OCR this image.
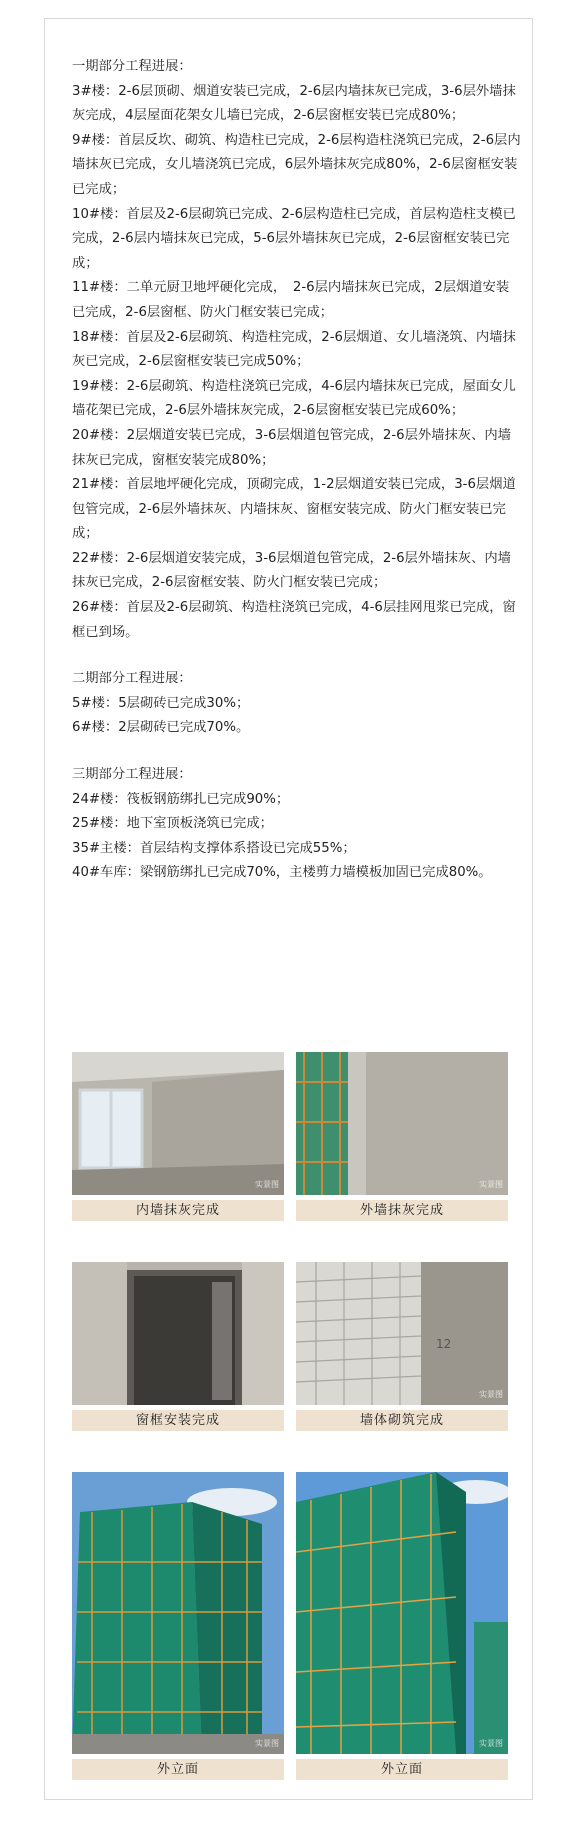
一期部分工程进展：

3#楼：2-6层顶砌、烟道安装已完成，2-6层内墙抹灰已完成，3-6层外墙抹灰完成，4层屋面花架女儿墙已完成，2-6层窗框安装已完成80%；

9#楼：首层反坎、砌筑、构造柱已完成，2-6层构造柱浇筑已完成，2-6层内墙抹灰已完成，女儿墙浇筑已完成，6层外墙抹灰完成80%，2-6层窗框安装已完成；

10#楼：首层及2-6层砌筑已完成、2-6层构造柱已完成，首层构造柱支模已完成，2-6层内墙抹灰已完成，5-6层外墙抹灰已完成，2-6层窗框安装已完成；

11#楼：二单元厨卫地坪硬化完成，　2-6层内墙抹灰已完成，2层烟道安装已完成，2-6层窗框、防火门框安装已完成；

18#楼：首层及2-6层砌筑、构造柱完成，2-6层烟道、女儿墙浇筑、内墙抹灰已完成，2-6层窗框安装已完成50%；

19#楼：2-6层砌筑、构造柱浇筑已完成，4-6层内墙抹灰已完成，屋面女儿墙花架已完成，2-6层外墙抹灰完成，2-6层窗框安装已完成60%；

20#楼：2层烟道安装已完成，3-6层烟道包管完成，2-6层外墙抹灰、内墙抹灰已完成，窗框安装完成80%；

21#楼：首层地坪硬化完成，顶砌完成，1-2层烟道安装已完成，3-6层烟道包管完成，2-6层外墙抹灰、内墙抹灰、窗框安装完成、防火门框安装已完成；

22#楼：2-6层烟道安装完成，3-6层烟道包管完成，2-6层外墙抹灰、内墙抹灰已完成，2-6层窗框安装、防火门框安装已完成；

26#楼：首层及2-6层砌筑、构造柱浇筑已完成，4-6层挂网甩浆已完成，窗框已到场。

二期部分工程进展：

5#楼：5层砌砖已完成30%；

6#楼：2层砌砖已完成70%。

三期部分工程进展：

24#楼：筏板钢筋绑扎已完成90%；

25#楼：地下室顶板浇筑已完成；

35#主楼：首层结构支撑体系搭设已完成55%；

40#车库：梁钢筋绑扎已完成70%，主楼剪力墙模板加固已完成80%。

实景图	实景图
内墙抹灰完成	外墙抹灰完成
12
实景图
窗框安装完成	墙体砌筑完成
实景图	实景图
外立面	外立面
